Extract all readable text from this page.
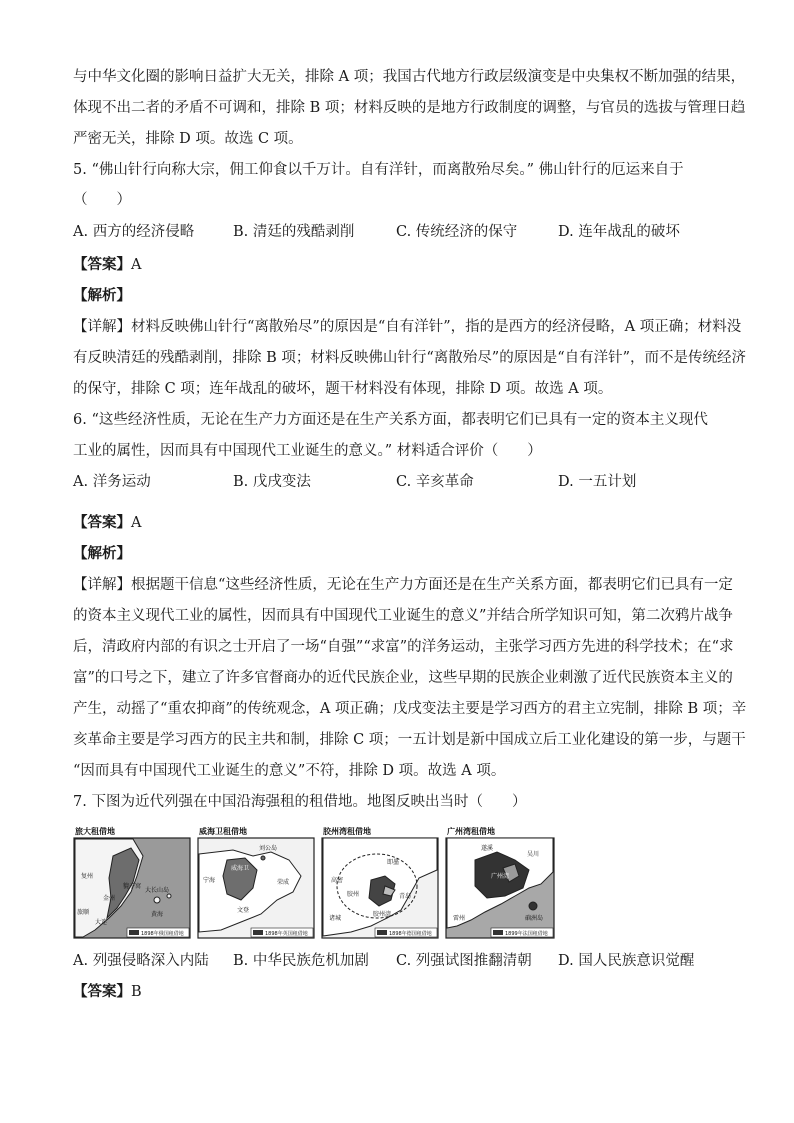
与中华文化圈的影响日益扩大无关，排除 A 项；我国古代地方行政层级演变是中央集权不断加强的结果，
体现不出二者的矛盾不可调和，排除 B 项；材料反映的是地方行政制度的调整，与官员的选拔与管理日趋
严密无关，排除 D 项。故选 C 项。
5. “佛山针行向称大宗，佣工仰食以千万计。自有洋针，而离散殆尽矣。” 佛山针行的厄运来自于
（　　）
A. 西方的经济侵略	B. 清廷的残酷剥削	C. 传统经济的保守	D. 连年战乱的破坏
【答案】A
【解析】
【详解】材料反映佛山针行“离散殆尽”的原因是“自有洋针”，指的是西方的经济侵略，A 项正确；材料没
有反映清廷的残酷剥削，排除 B 项；材料反映佛山针行“离散殆尽”的原因是“自有洋针”，而不是传统经济
的保守，排除 C 项；连年战乱的破坏，题干材料没有体现，排除 D 项。故选 A 项。
6. “这些经济性质，无论在生产力方面还是在生产关系方面，都表明它们已具有一定的资本主义现代
工业的属性，因而具有中国现代工业诞生的意义。” 材料适合评价（　　）
A. 洋务运动	B. 戊戌变法	C. 辛亥革命	D. 一五计划
【答案】A
【解析】
【详解】根据题干信息“这些经济性质，无论在生产力方面还是在生产关系方面，都表明它们已具有一定
的资本主义现代工业的属性，因而具有中国现代工业诞生的意义”并结合所学知识可知，第二次鸦片战争
后，清政府内部的有识之士开启了一场“自强”“求富”的洋务运动，主张学习西方先进的科学技术；在“求
富”的口号之下，建立了许多官督商办的近代民族企业，这些早期的民族企业刺激了近代民族资本主义的
产生，动摇了“重农抑商”的传统观念，A 项正确；戊戌变法主要是学习西方的君主立宪制，排除 B 项；辛
亥革命主要是学习西方的民主共和制，排除 C 项；一五计划是新中国成立后工业化建设的第一步，与题干
“因而具有中国现代工业诞生的意义”不符，排除 D 项。故选 A 项。
7. 下图为近代列强在中国沿海强租的租借地。地图反映出当时（　　）
旅大租借地
复州
貔子窝
旅顺
大连
金州
大长山岛
黄海
1898年俄国租借地
威海卫租借地
刘公岛
威海卫
宁海
文登
荣成
1898年英国租借地
胶州湾租借地
即墨
高密
胶州
胶州湾
青岛
诸城
1898年德国租借地
广州湾租借地
遂溪
吴川
广州湾
雷州	硇洲岛
1899年法国租借地
A. 列强侵略深入内陆 B. 中华民族危机加剧 C. 列强试图推翻清朝 D. 国人民族意识觉醒
【答案】B
